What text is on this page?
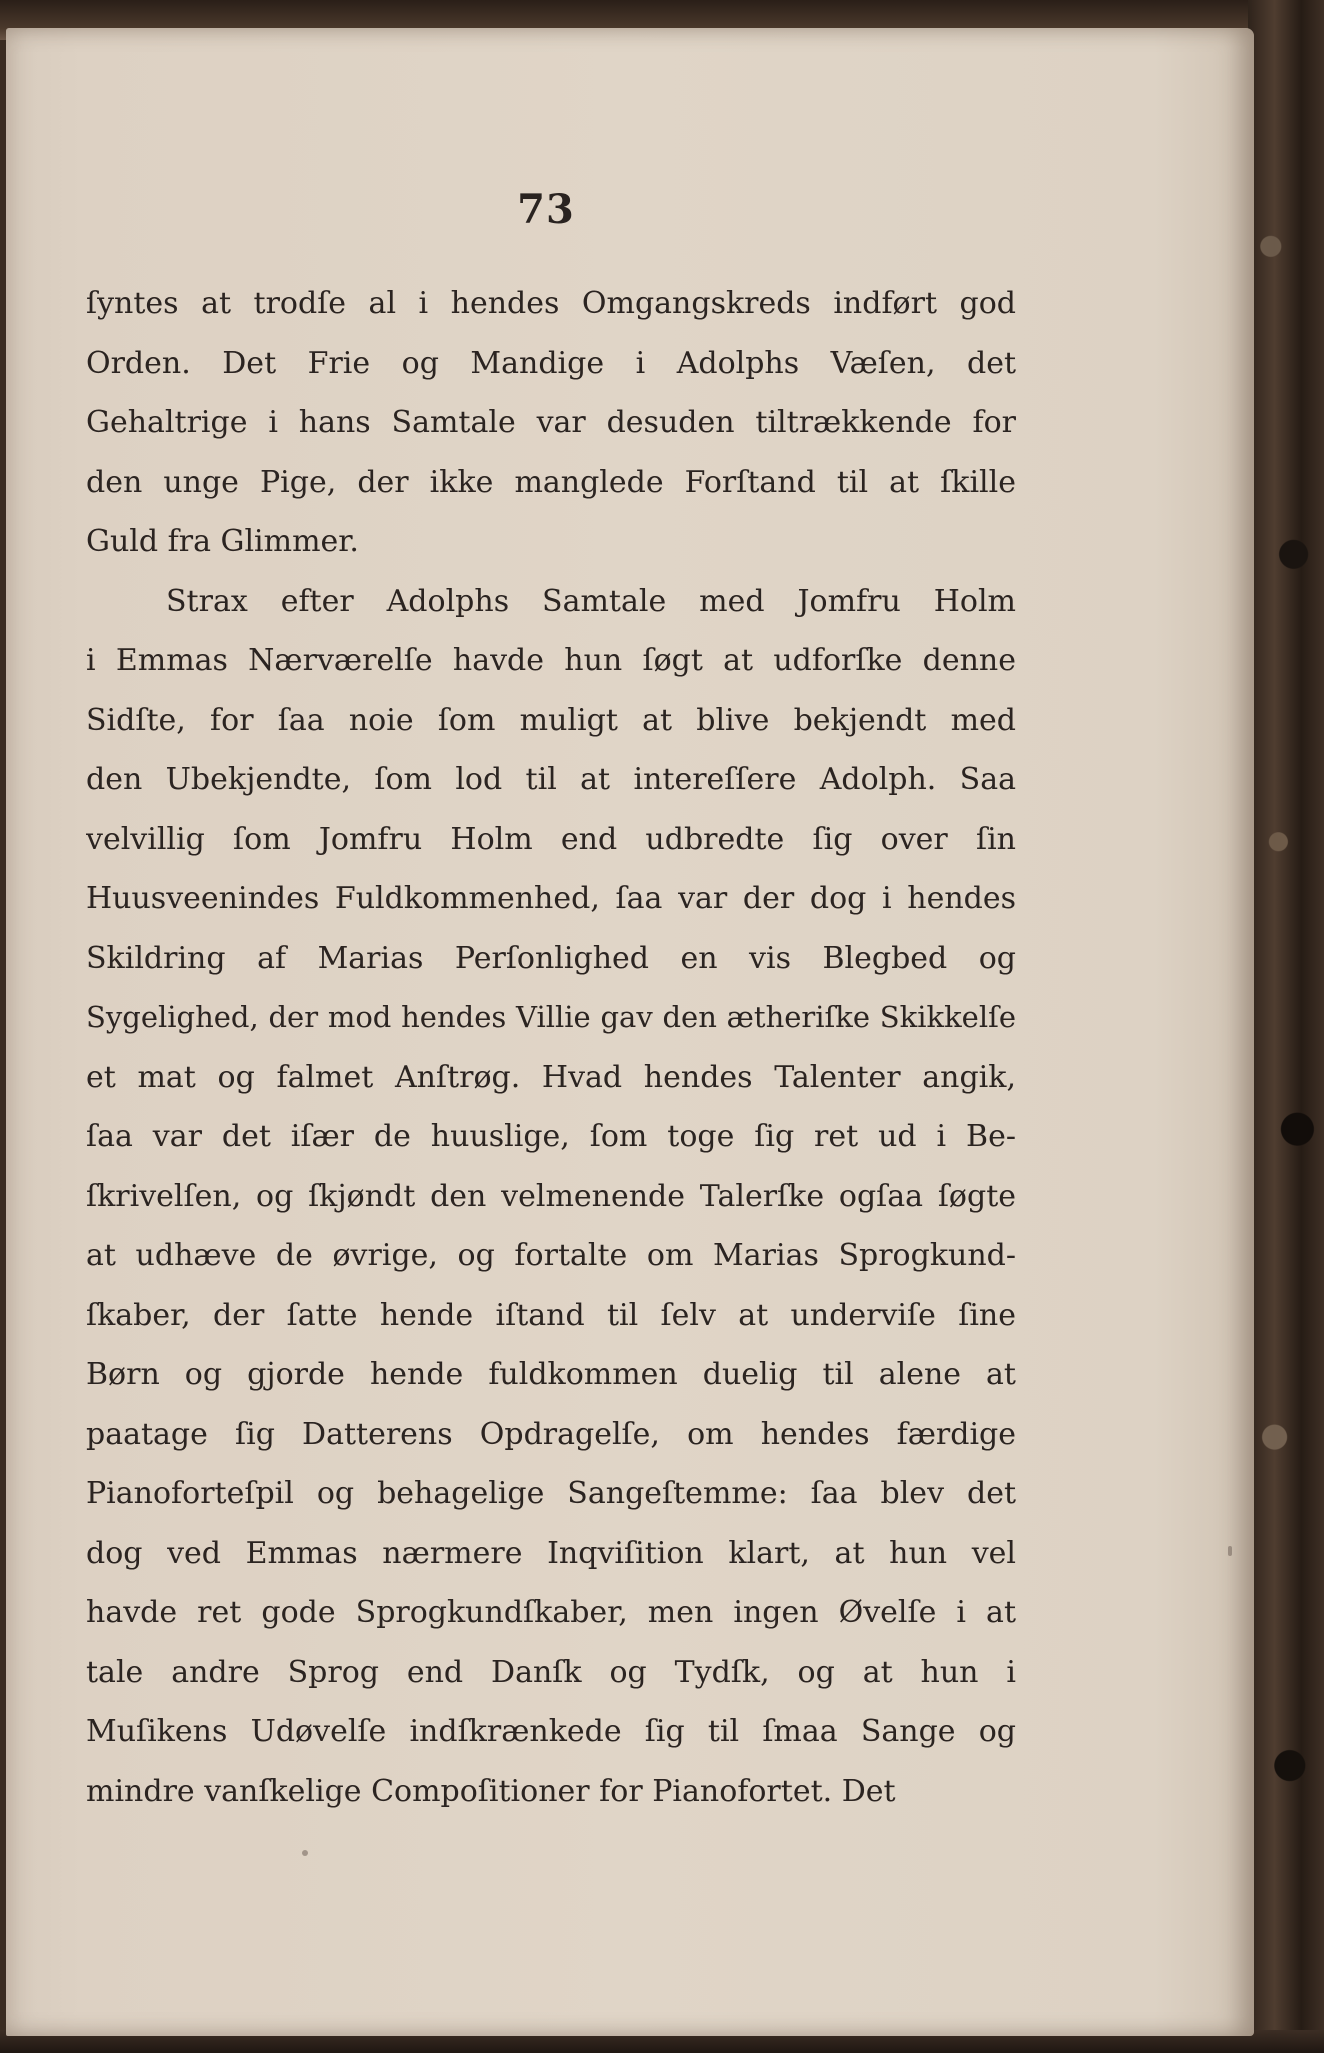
73
ſyntes at trodſe al i hendes Omgangskreds indført god
Orden. Det Frie og Mandige i Adolphs Væſen, det
Gehaltrige i hans Samtale var desuden tiltrækkende for
den unge Pige, der ikke manglede Forſtand til at ſkille
Guld fra Glimmer.
Strax efter Adolphs Samtale med Jomfru Holm
i Emmas Nærværelſe havde hun ſøgt at udforſke denne
Sidſte, for ſaa noie ſom muligt at blive bekjendt med
den Ubekjendte, ſom lod til at intereſſere Adolph. Saa
velvillig ſom Jomfru Holm end udbredte ſig over ſin
Huusveenindes Fuldkommenhed, ſaa var der dog i hendes
Skildring af Marias Perſonlighed en vis Blegbed og
Sygelighed, der mod hendes Villie gav den ætheriſke Skikkelſe
et mat og falmet Anſtrøg. Hvad hendes Talenter angik,
ſaa var det iſær de huuslige, ſom toge ſig ret ud i Be-
ſkrivelſen, og ſkjøndt den velmenende Talerſke ogſaa ſøgte
at udhæve de øvrige, og fortalte om Marias Sprogkund-
ſkaber, der ſatte hende iſtand til ſelv at underviſe ſine
Børn og gjorde hende fuldkommen duelig til alene at
paatage ſig Datterens Opdragelſe, om hendes færdige
Pianoforteſpil og behagelige Sangeſtemme: ſaa blev det
dog ved Emmas nærmere Inqviſition klart, at hun vel
havde ret gode Sprogkundſkaber, men ingen Øvelſe i at
tale andre Sprog end Danſk og Tydſk, og at hun i
Muſikens Udøvelſe indſkrænkede ſig til ſmaa Sange og
mindre vanſkelige Compoſitioner for Pianofortet. Det
